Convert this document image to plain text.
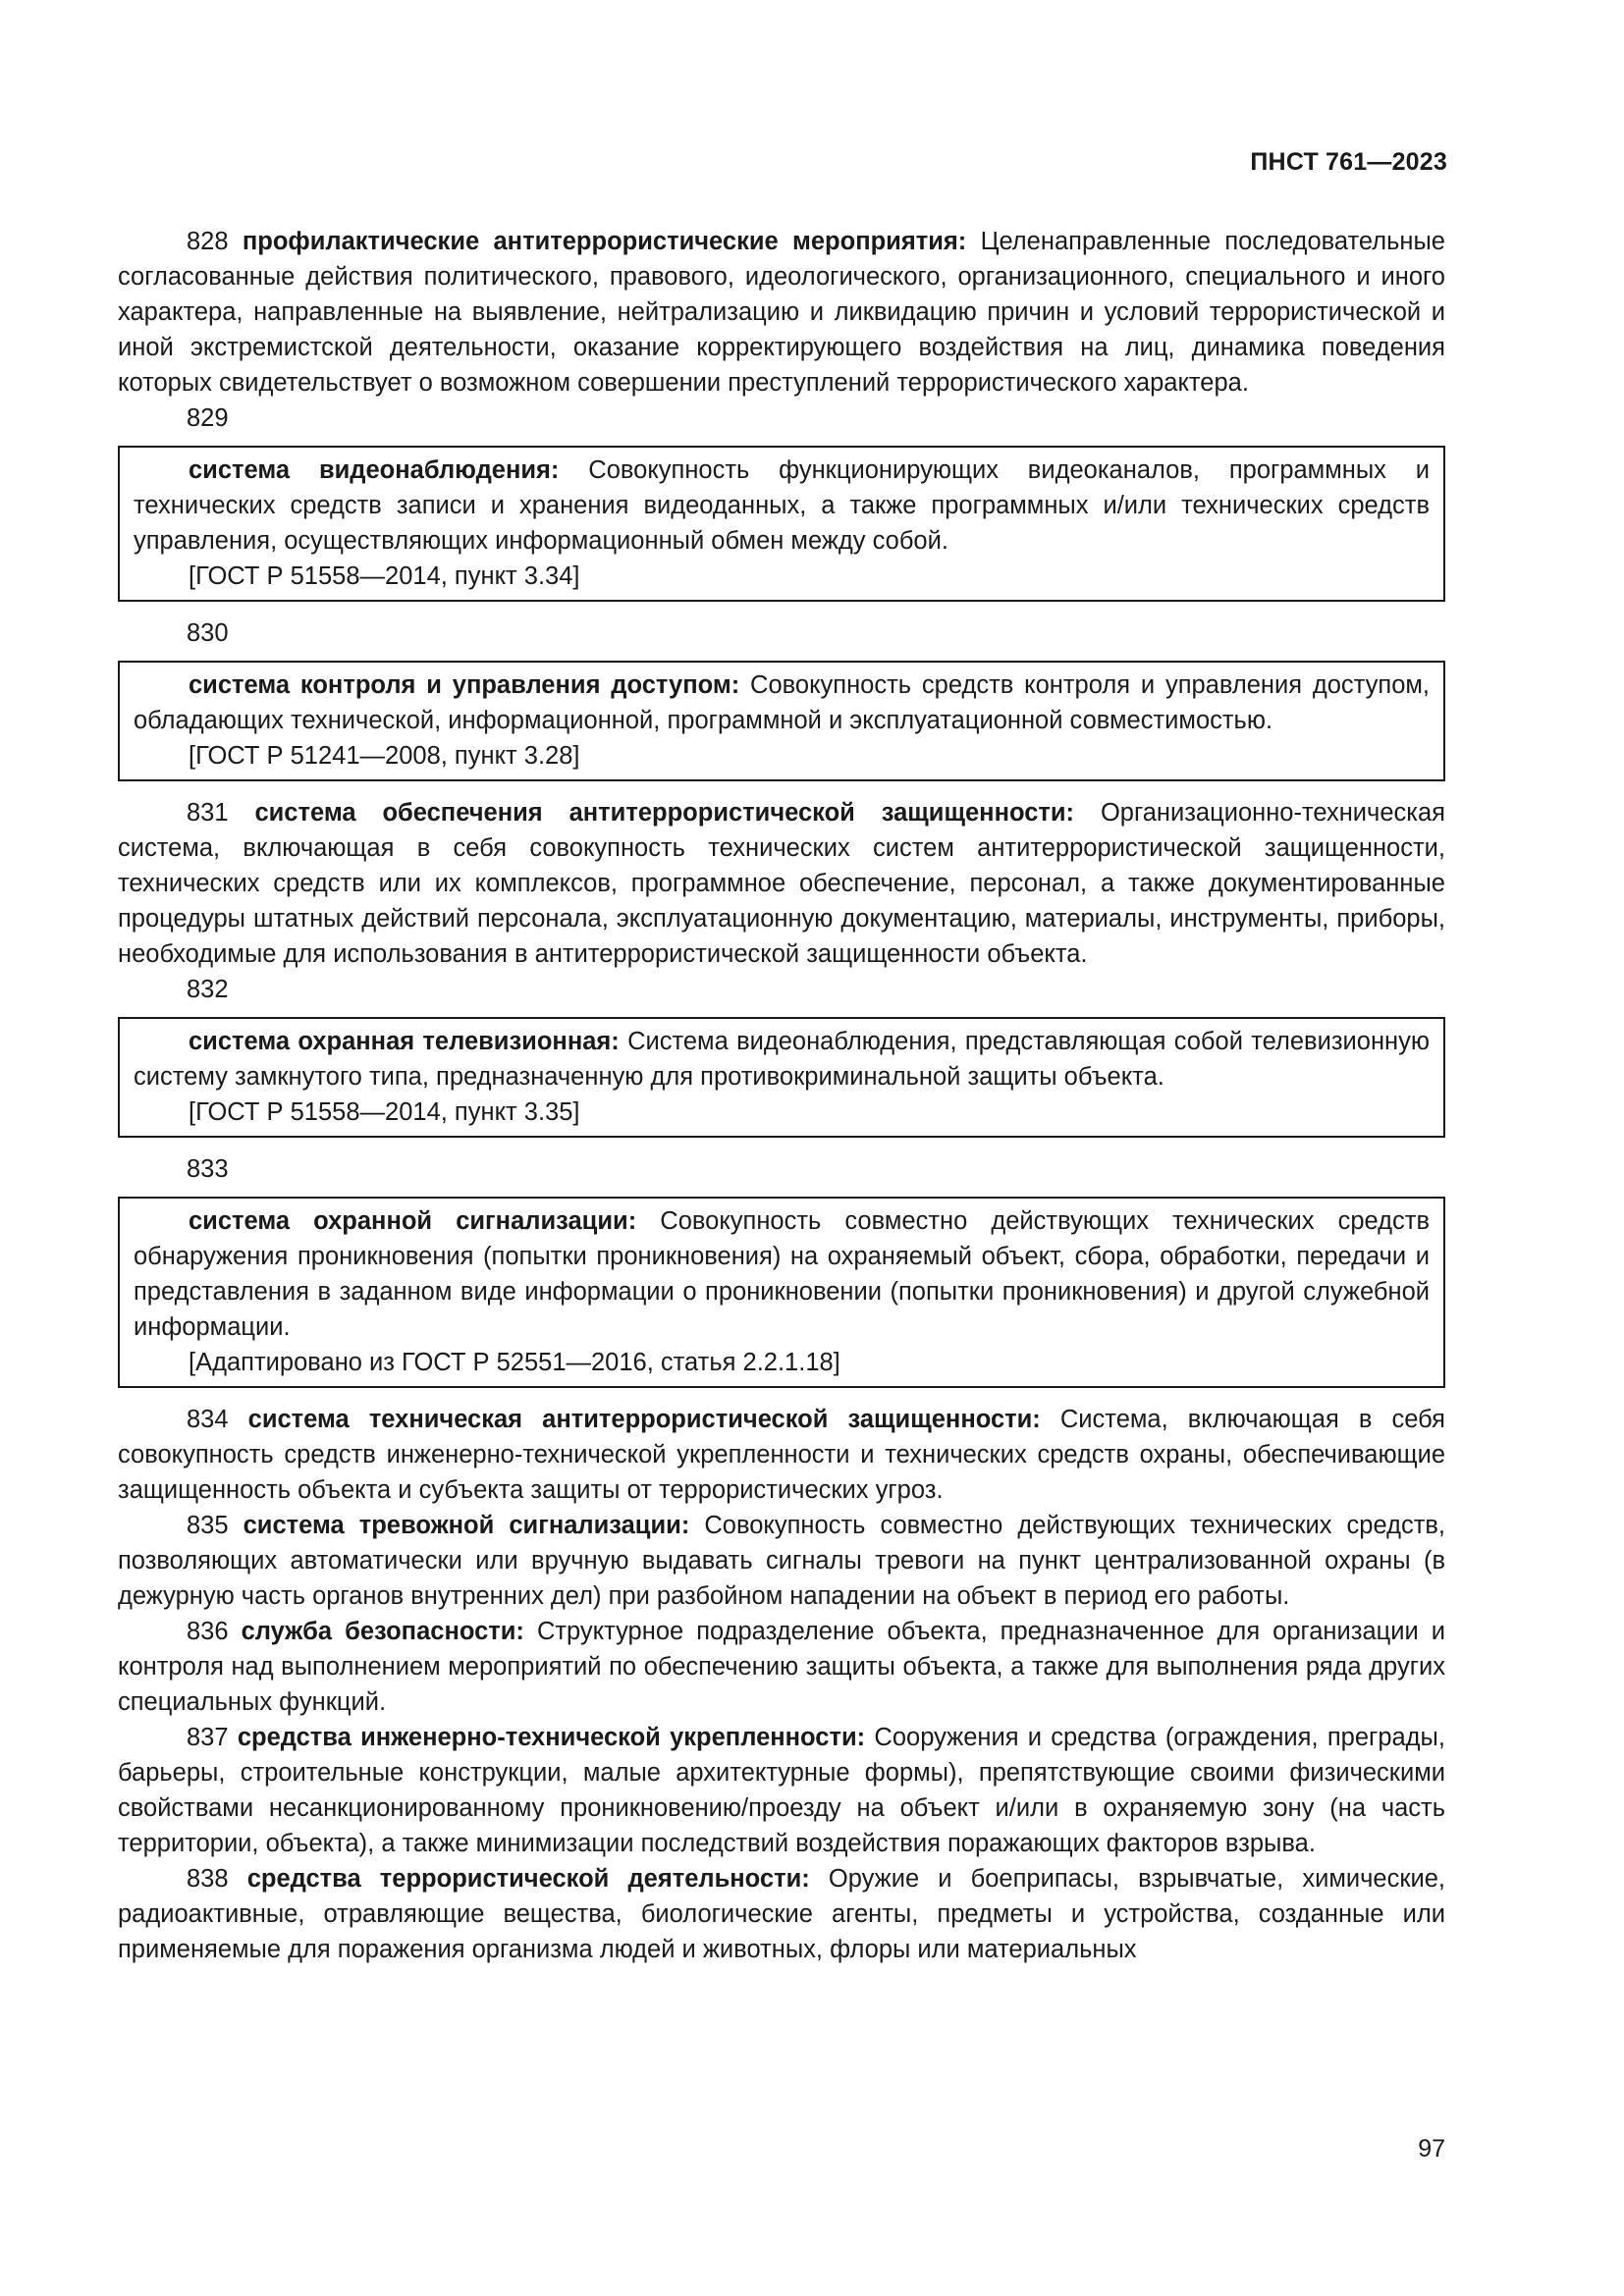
ПНСТ 761—2023

828 профилактические антитеррористические мероприятия: Целенаправленные последовательные согласованные действия политического, правового, идеологического, организационного, специального и иного характера, направленные на выявление, нейтрализацию и ликвидацию причин и условий террористической и иной экстремистской деятельности, оказание корректирующего воздействия на лиц, динамика поведения которых свидетельствует о возможном совершении преступлений террористического характера.

829

система видеонаблюдения: Совокупность функционирующих видеоканалов, программных и технических средств записи и хранения видеоданных, а также программных и/или технических средств управления, осуществляющих информационный обмен между собой.

[ГОСТ Р 51558—2014, пункт 3.34]

830

система контроля и управления доступом: Совокупность средств контроля и управления доступом, обладающих технической, информационной, программной и эксплуатационной совместимостью.

[ГОСТ Р 51241—2008, пункт 3.28]

831 система обеспечения антитеррористической защищенности: Организационно-техническая система, включающая в себя совокупность технических систем антитеррористической защищенности, технических средств или их комплексов, программное обеспечение, персонал, а также документированные процедуры штатных действий персонала, эксплуатационную документацию, материалы, инструменты, приборы, необходимые для использования в антитеррористической защищенности объекта.

832

система охранная телевизионная: Система видеонаблюдения, представляющая собой телевизионную систему замкнутого типа, предназначенную для противокриминальной защиты объекта.

[ГОСТ Р 51558—2014, пункт 3.35]

833

система охранной сигнализации: Совокупность совместно действующих технических средств обнаружения проникновения (попытки проникновения) на охраняемый объект, сбора, обработки, передачи и представления в заданном виде информации о проникновении (попытки проникновения) и другой служебной информации.

[Адаптировано из ГОСТ Р 52551—2016, статья 2.2.1.18]

834 система техническая антитеррористической защищенности: Система, включающая в себя совокупность средств инженерно-технической укрепленности и технических средств охраны, обеспечивающие защищенность объекта и субъекта защиты от террористических угроз.

835 система тревожной сигнализации: Совокупность совместно действующих технических средств, позволяющих автоматически или вручную выдавать сигналы тревоги на пункт централизованной охраны (в дежурную часть органов внутренних дел) при разбойном нападении на объект в период его работы.

836 служба безопасности: Структурное подразделение объекта, предназначенное для организации и контроля над выполнением мероприятий по обеспечению защиты объекта, а также для выполнения ряда других специальных функций.

837 средства инженерно-технической укрепленности: Сооружения и средства (ограждения, преграды, барьеры, строительные конструкции, малые архитектурные формы), препятствующие своими физическими свойствами несанкционированному проникновению/проезду на объект и/или в охраняемую зону (на часть территории, объекта), а также минимизации последствий воздействия поражающих факторов взрыва.

838 средства террористической деятельности: Оружие и боеприпасы, взрывчатые, химические, радиоактивные, отравляющие вещества, биологические агенты, предметы и устройства, созданные или применяемые для поражения организма людей и животных, флоры или материальных

97
